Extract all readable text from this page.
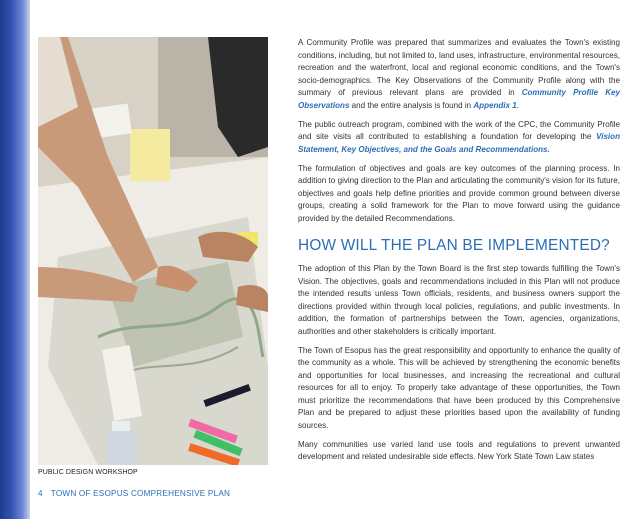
PUBLIC DESIGN WORKSHOP
4 TOWN OF ESOPUS COMPREHENSIVE PLAN

A Community Profile was prepared that summarizes and evaluates the Town's existing conditions, including, but not limited to, land uses, infrastructure, environmental resources, recreation and the waterfront, local and regional economic conditions, and the Town's socio-demographics. The Key Observations of the Community Profile along with the summary of previous relevant plans are provided in Community Profile Key Observations and the entire analysis is found in Appendix 1.

The public outreach program, combined with the work of the CPC, the Community Profile and site visits all contributed to establishing a foundation for developing the Vision Statement, Key Objectives, and the Goals and Recommendations.

The formulation of objectives and goals are key outcomes of the planning process. In addition to giving direction to the Plan and articulating the community's vision for its future, objectives and goals help define priorities and provide common ground between diverse groups, creating a solid framework for the Plan to move forward using the guidance provided by the detailed Recommendations.

HOW WILL THE PLAN BE IMPLEMENTED?

The adoption of this Plan by the Town Board is the first step towards fulfilling the Town's Vision. The objectives, goals and recommendations included in this Plan will not produce the intended results unless Town officials, residents, and business owners support the directions provided within through local policies, regulations, and public investments. In addition, the formation of partnerships between the Town, agencies, organizations, authorities and other stakeholders is critically important.

The Town of Esopus has the great responsibility and opportunity to enhance the quality of the community as a whole. This will be achieved by strengthening the economic benefits and opportunities for local businesses, and increasing the recreational and cultural resources for all to enjoy. To properly take advantage of these opportunities, the Town must prioritize the recommendations that have been produced by this Comprehensive Plan and be prepared to adjust these priorities based upon the availability of funding sources.

Many communities use varied land use tools and regulations to prevent unwanted development and related undesirable side effects. New York State Town Law states
